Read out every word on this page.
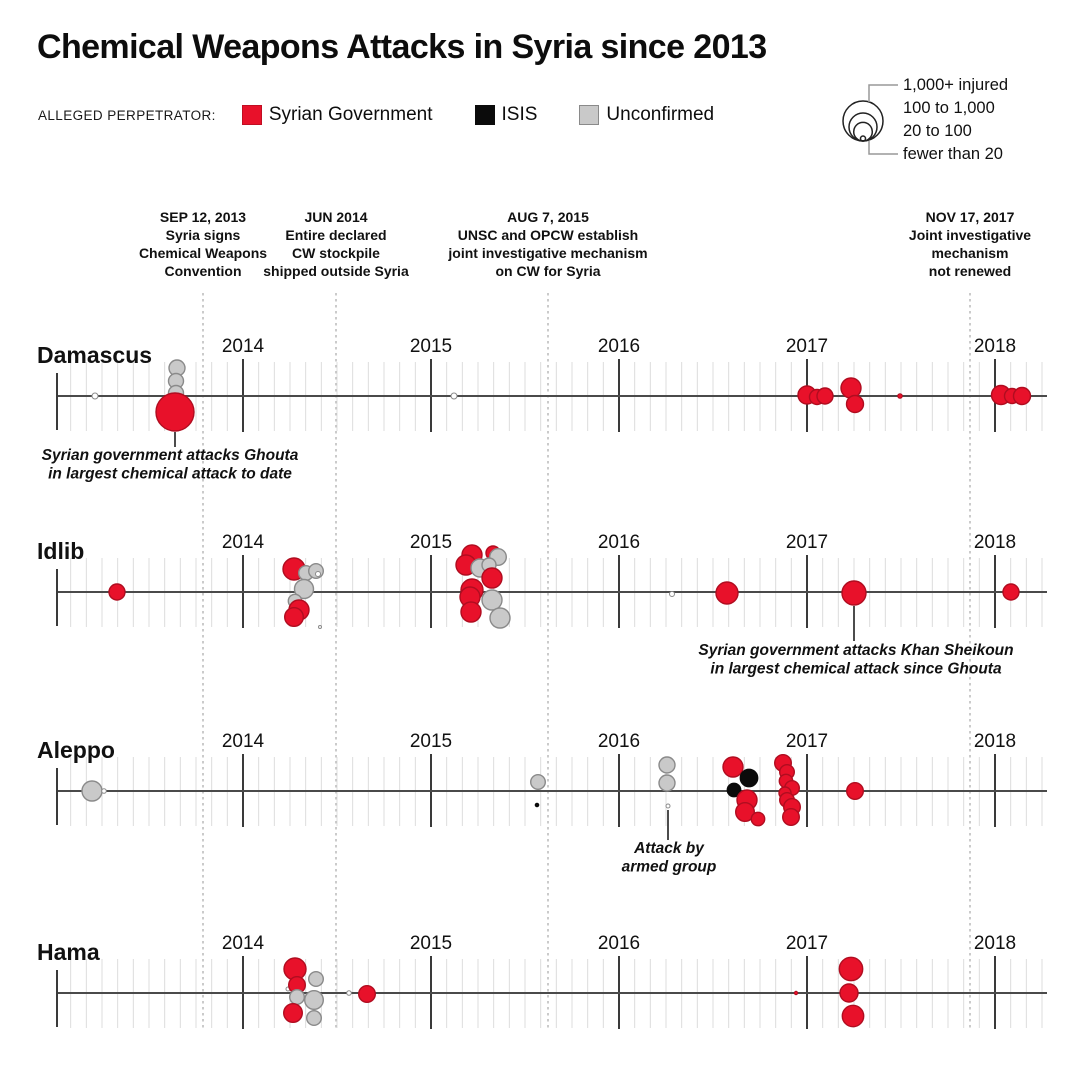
Chemical Weapons Attacks in Syria since 2013
ALLEGED PERPETRATOR:	Syrian Government	ISIS	Unconfirmed
SEP 12, 2013
Syria signs
Chemical Weapons
Convention
JUN 2014
Entire declared
CW stockpile
shipped outside Syria
AUG 7, 2015
UNSC and OPCW establish
joint investigative mechanism
on CW for Syria
NOV 17, 2017
Joint investigative
mechanism
not renewed
2014	2015	2016	2017	2018
Damascus
2014	2015	2016	2017	2018
Idlib
2014	2015	2016	2017	2018
Aleppo
2014	2015	2016	2017	2018
Hama
Syrian government attacks Ghouta
in largest chemical attack to date
Syrian government attacks Khan Sheikoun
in largest chemical attack since Ghouta
Attack by
armed group
1,000+ injured
100 to 1,000
20 to 100
fewer than 20
